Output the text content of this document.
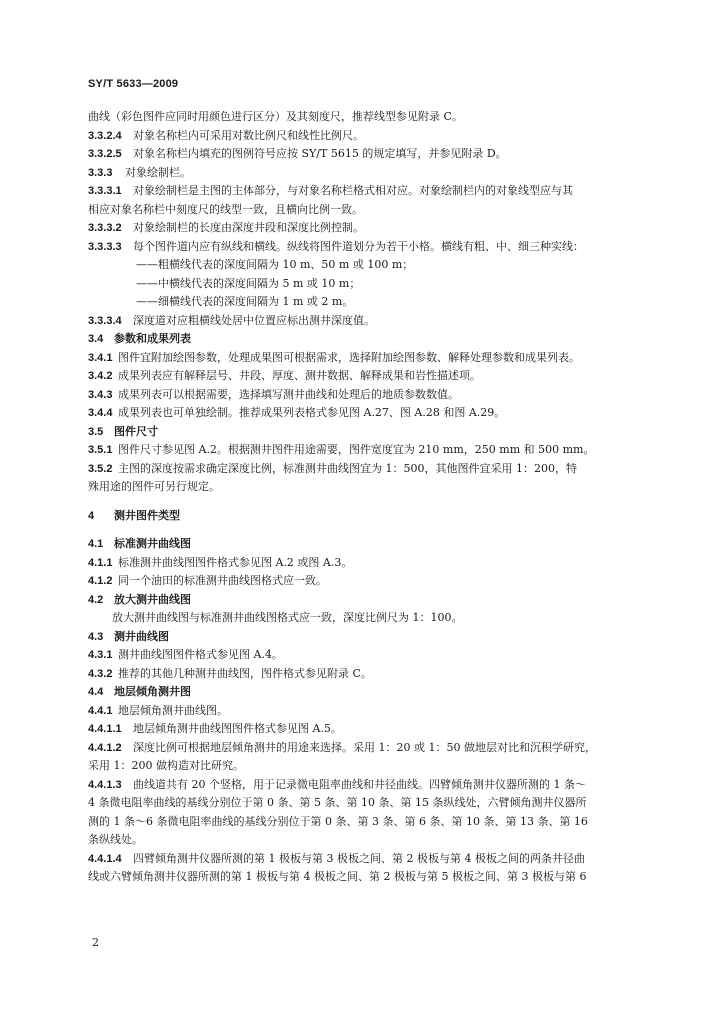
SY/T 5633—2009
曲线（彩色图件应同时用颜色进行区分）及其刻度尺，推荐线型参见附录 C。
3.3.2.4 对象名称栏内可采用对数比例尺和线性比例尺。
3.3.2.5 对象名称栏内填充的图例符号应按 SY/T 5615 的规定填写，并参见附录 D。
3.3.3 对象绘制栏。
3.3.3.1 对象绘制栏是主图的主体部分，与对象名称栏格式相对应。对象绘制栏内的对象线型应与其
相应对象名称栏中刻度尺的线型一致，且横向比例一致。
3.3.3.2 对象绘制栏的长度由深度井段和深度比例控制。
3.3.3.3 每个图件道内应有纵线和横线。纵线将图件道划分为若干小格。横线有粗、中、细三种实线：
——粗横线代表的深度间隔为 10 m、50 m 或 100 m；
——中横线代表的深度间隔为 5 m 或 10 m；
——细横线代表的深度间隔为 1 m 或 2 m。
3.3.3.4 深度道对应粗横线处居中位置应标出测井深度值。
3.4 参数和成果列表
3.4.1 图件宜附加绘图参数，处理成果图可根据需求，选择附加绘图参数、解释处理参数和成果列表。
3.4.2 成果列表应有解释层号、井段、厚度、测井数据、解释成果和岩性描述项。
3.4.3 成果列表可以根据需要，选择填写测井曲线和处理后的地质参数数值。
3.4.4 成果列表也可单独绘制。推荐成果列表格式参见图 A.27、图 A.28 和图 A.29。
3.5 图件尺寸
3.5.1 图件尺寸参见图 A.2。根据测井图件用途需要，图件宽度宜为 210 mm，250 mm 和 500 mm。
3.5.2 主图的深度按需求确定深度比例，标准测井曲线图宜为 1：500，其他图件宜采用 1：200，特
殊用途的图件可另行规定。
4 测井图件类型
4.1 标准测井曲线图
4.1.1 标准测井曲线图图件格式参见图 A.2 或图 A.3。
4.1.2 同一个油田的标准测井曲线图格式应一致。
4.2 放大测井曲线图
放大测井曲线图与标准测井曲线图格式应一致，深度比例尺为 1：100。
4.3 测井曲线图
4.3.1 测井曲线图图件格式参见图 A.4。
4.3.2 推荐的其他几种测井曲线图，图件格式参见附录 C。
4.4 地层倾角测井图
4.4.1 地层倾角测井曲线图。
4.4.1.1 地层倾角测井曲线图图件格式参见图 A.5。
4.4.1.2 深度比例可根据地层倾角测井的用途来选择。采用 1：20 或 1：50 做地层对比和沉积学研究，
采用 1：200 做构造对比研究。
4.4.1.3 曲线道共有 20 个竖格，用于记录微电阻率曲线和井径曲线。四臂倾角测井仪器所测的 1 条～
4 条微电阻率曲线的基线分别位于第 0 条、第 5 条、第 10 条、第 15 条纵线处，六臂倾角测井仪器所
测的 1 条～6 条微电阻率曲线的基线分别位于第 0 条、第 3 条、第 6 条、第 10 条、第 13 条、第 16
条纵线处。
4.4.1.4 四臂倾角测井仪器所测的第 1 极板与第 3 极板之间、第 2 极板与第 4 极板之间的两条井径曲
线或六臂倾角测井仪器所测的第 1 极板与第 4 极板之间、第 2 极板与第 5 极板之间、第 3 极板与第 6
2
